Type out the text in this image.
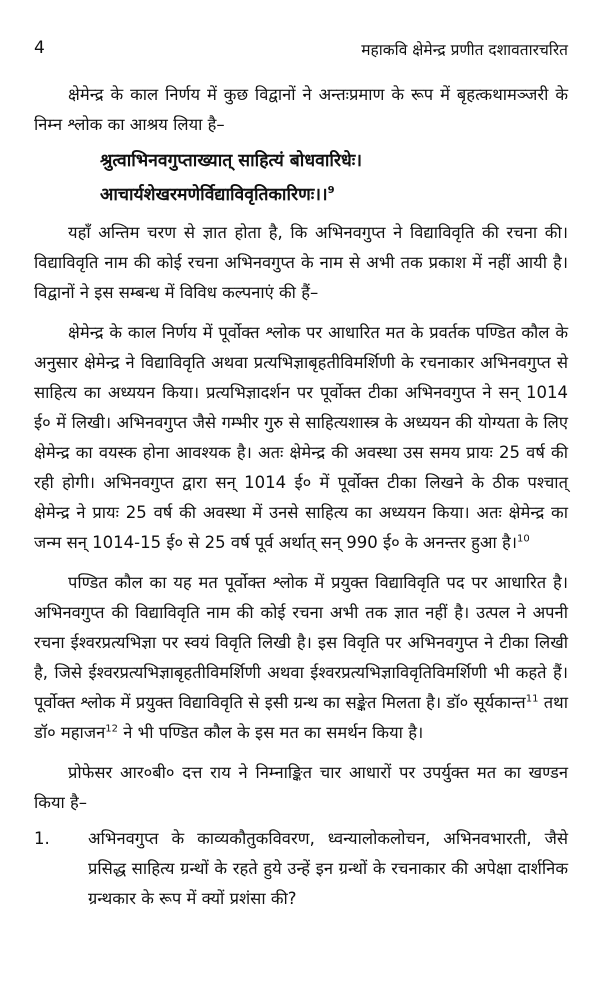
4	महाकवि क्षेमेन्द्र प्रणीत दशावतारचरित

क्षेमेन्द्र के काल निर्णय में कुछ विद्वानों ने अन्तःप्रमाण के रूप में बृहत्कथामञ्जरी के निम्न श्लोक का आश्रय लिया है–

श्रुत्वाभिनवगुप्ताख्यात् साहित्यं बोधवारिधेः।
आचार्यशेखरमणेर्विद्याविवृतिकारिणः।।$^9$

यहाँ अन्तिम चरण से ज्ञात होता है, कि अभिनवगुप्त ने विद्याविवृति की रचना की। विद्याविवृति नाम की कोई रचना अभिनवगुप्त के नाम से अभी तक प्रकाश में नहीं आयी है। विद्वानों ने इस सम्बन्ध में विविध कल्पनाएं की हैं–

क्षेमेन्द्र के काल निर्णय में पूर्वोक्त श्लोक पर आधारित मत के प्रवर्तक पण्डित कौल के अनुसार क्षेमेन्द्र ने विद्याविवृति अथवा प्रत्यभिज्ञाबृहतीविमर्शिणी के रचनाकार अभिनवगुप्त से साहित्य का अध्ययन किया। प्रत्यभिज्ञादर्शन पर पूर्वोक्त टीका अभिनवगुप्त ने सन् 1014 ई० में लिखी। अभिनवगुप्त जैसे गम्भीर गुरु से साहित्यशास्त्र के अध्ययन की योग्यता के लिए क्षेमेन्द्र का वयस्क होना आवश्यक है। अतः क्षेमेन्द्र की अवस्था उस समय प्रायः 25 वर्ष की रही होगी। अभिनवगुप्त द्वारा सन् 1014 ई० में पूर्वोक्त टीका लिखने के ठीक पश्चात् क्षेमेन्द्र ने प्रायः 25 वर्ष की अवस्था में उनसे साहित्य का अध्ययन किया। अतः क्षेमेन्द्र का जन्म सन् 1014-15 ई० से 25 वर्ष पूर्व अर्थात् सन् 990 ई० के अनन्तर हुआ है।$^{10}$

पण्डित कौल का यह मत पूर्वोक्त श्लोक में प्रयुक्त विद्याविवृति पद पर आधारित है। अभिनवगुप्त की विद्याविवृति नाम की कोई रचना अभी तक ज्ञात नहीं है। उत्पल ने अपनी रचना ईश्वरप्रत्यभिज्ञा पर स्वयं विवृति लिखी है। इस विवृति पर अभिनवगुप्त ने टीका लिखी है, जिसे ईश्वरप्रत्यभिज्ञाबृहतीविमर्शिणी अथवा ईश्वरप्रत्यभिज्ञाविवृतिविमर्शिणी भी कहते हैं। पूर्वोक्त श्लोक में प्रयुक्त विद्याविवृति से इसी ग्रन्थ का सङ्केत मिलता है। डॉ० सूर्यकान्त$^{11}$ तथा डॉ० महाजन$^{12}$ ने भी पण्डित कौल के इस मत का समर्थन किया है।

प्रोफेसर आर०बी० दत्त राय ने निम्नाङ्कित चार आधारों पर उपर्युक्त मत का खण्डन किया है–

1. अभिनवगुप्त के काव्यकौतुकविवरण, ध्वन्यालोकलोचन, अभिनवभारती, जैसे प्रसिद्ध साहित्य ग्रन्थों के रहते हुये उन्हें इन ग्रन्थों के रचनाकार की अपेक्षा दार्शनिक ग्रन्थकार के रूप में क्यों प्रशंसा की?
